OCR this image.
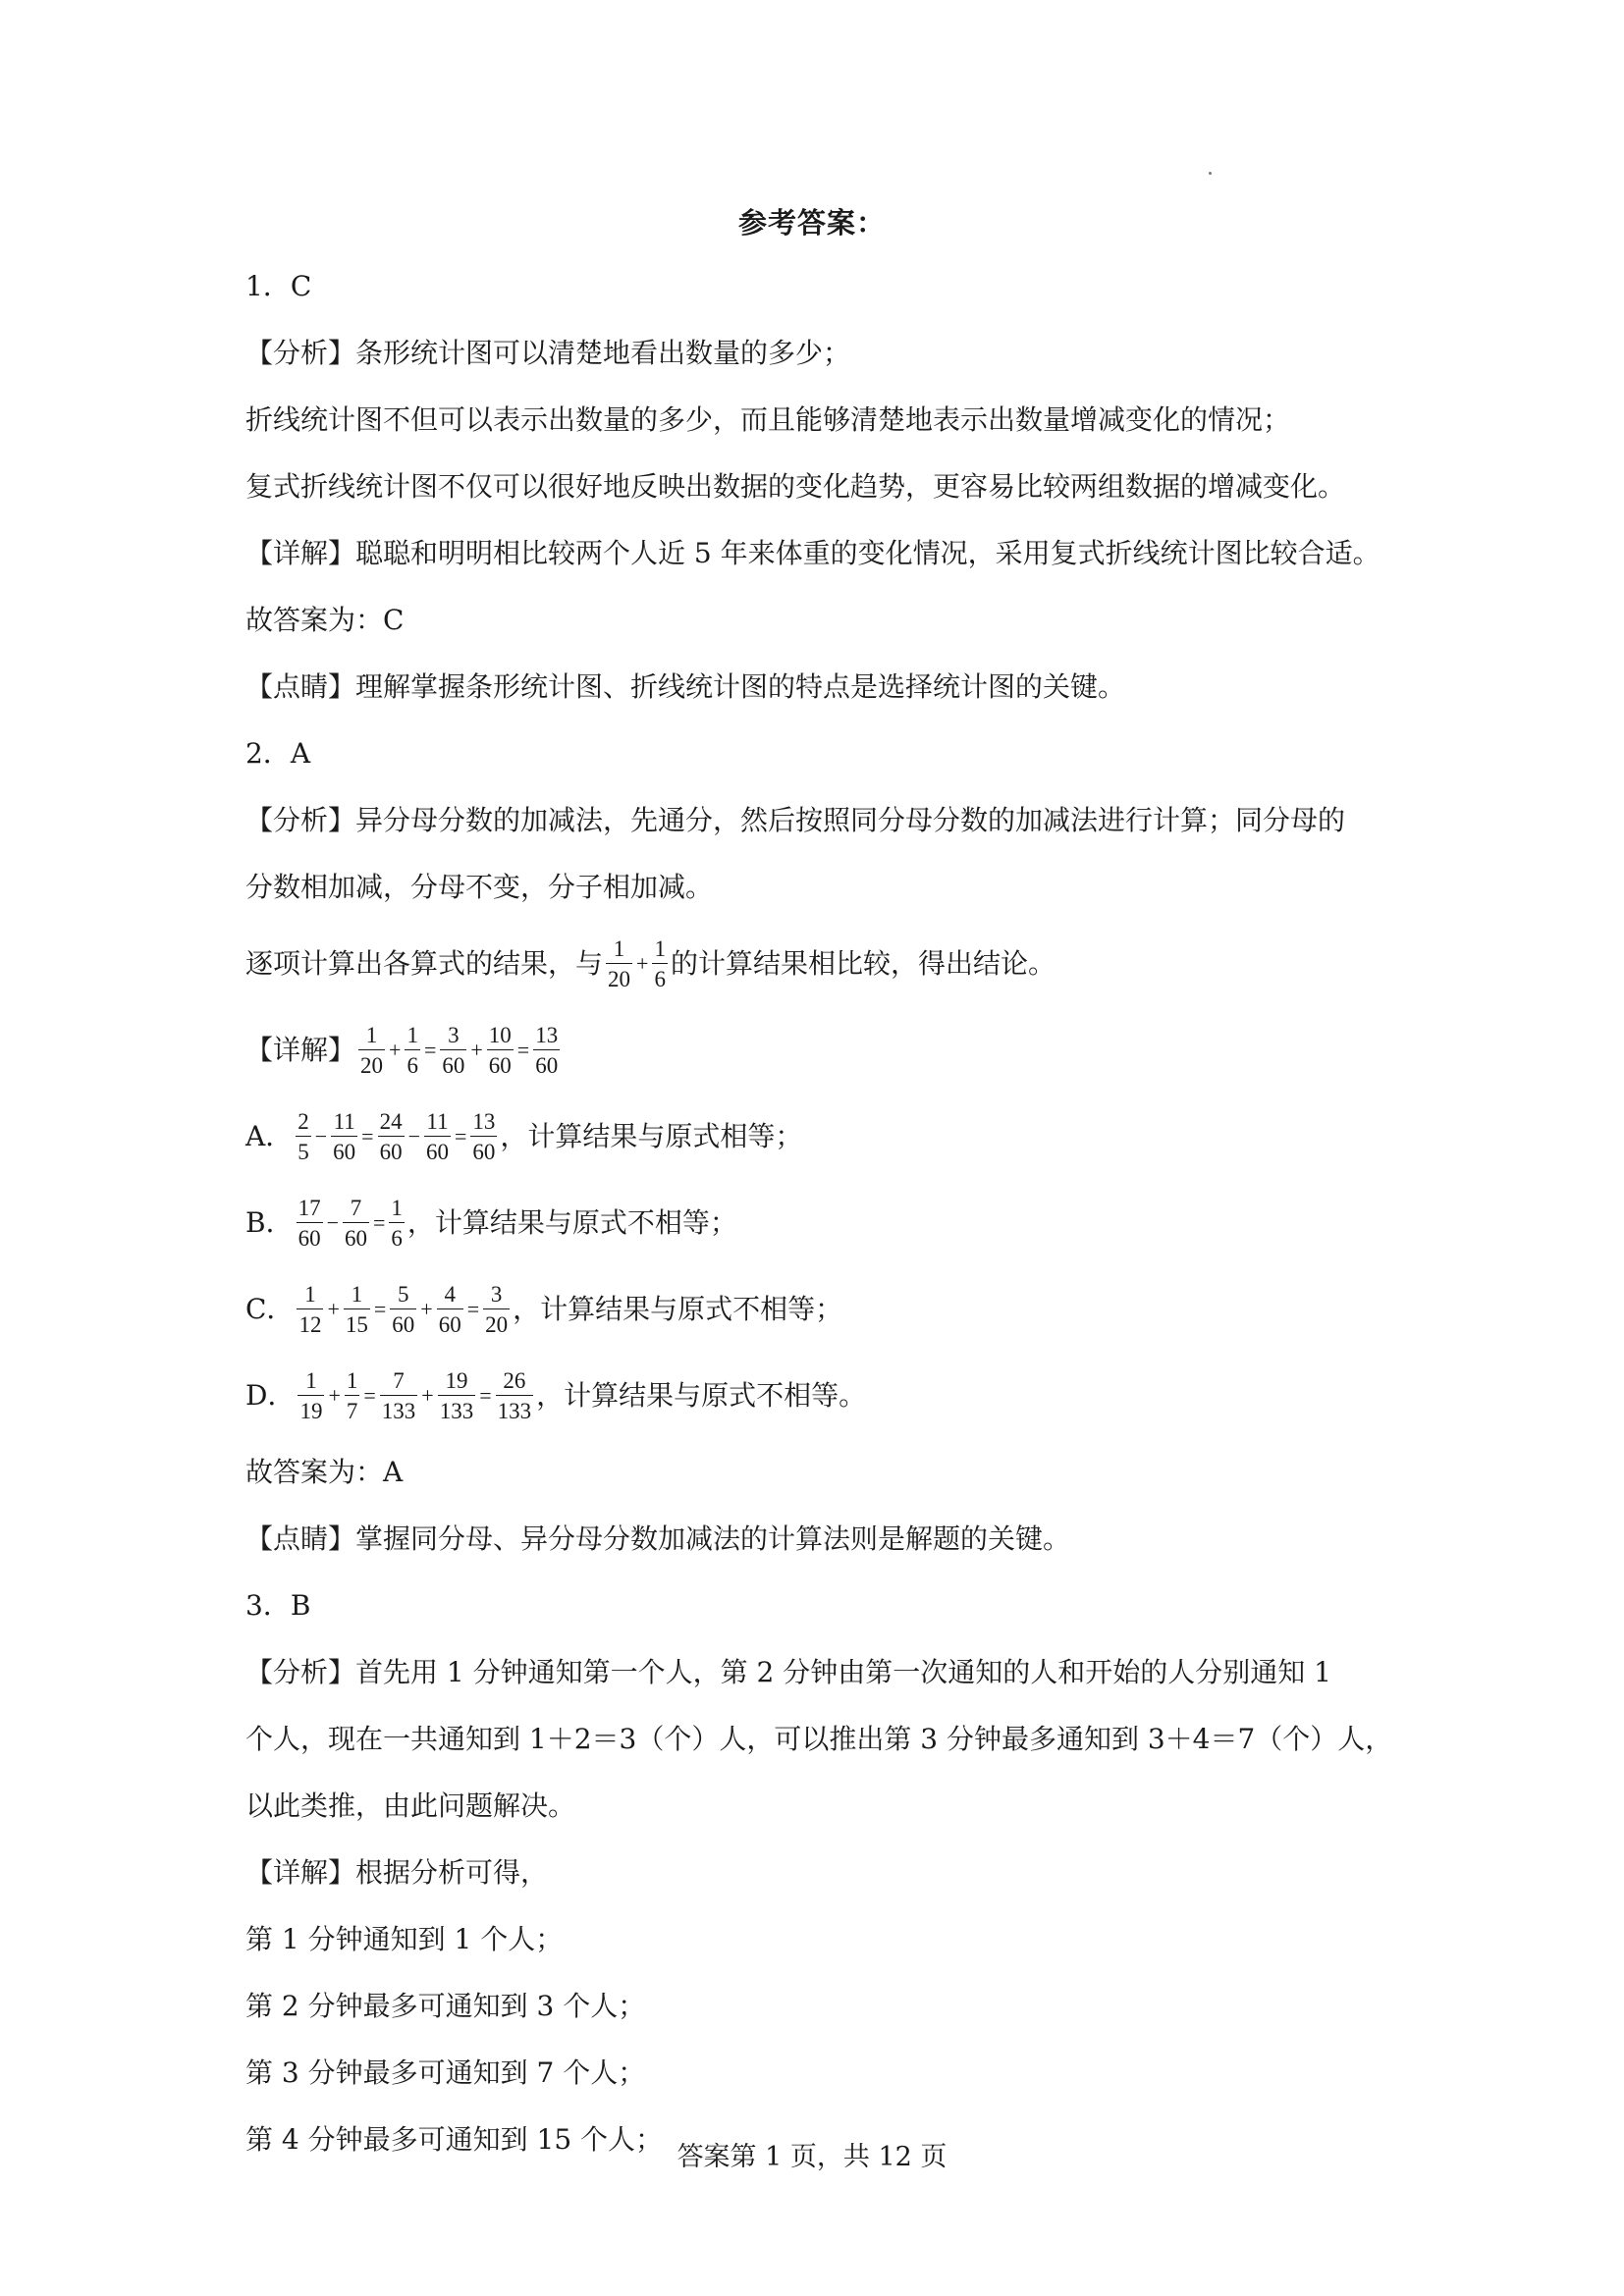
参考答案：
1．C
【分析】条形统计图可以清楚地看出数量的多少；
折线统计图不但可以表示出数量的多少，而且能够清楚地表示出数量增减变化的情况；
复式折线统计图不仅可以很好地反映出数据的变化趋势，更容易比较两组数据的增减变化。
【详解】聪聪和明明相比较两个人近 5 年来体重的变化情况，采用复式折线统计图比较合适。
故答案为：C
【点睛】理解掌握条形统计图、折线统计图的特点是选择统计图的关键。
2．A
【分析】异分母分数的加减法，先通分，然后按照同分母分数的加减法进行计算；同分母的
分数相加减，分母不变，分子相加减。
逐项计算出各算式的结果，与 $\frac{1}{20} + \frac{1}{6}$ 的计算结果相比较，得出结论。
【详解】 $\frac{1}{20} + \frac{1}{6} = \frac{3}{60} + \frac{10}{60} = \frac{13}{60}$
A． $\frac{2}{5} - \frac{11}{60} = \frac{24}{60} - \frac{11}{60} = \frac{13}{60}$ ，计算结果与原式相等；
B． $\frac{17}{60} - \frac{7}{60} = \frac{1}{6}$ ，计算结果与原式不相等；
C． $\frac{1}{12} + \frac{1}{15} = \frac{5}{60} + \frac{4}{60} = \frac{3}{20}$ ，计算结果与原式不相等；
D． $\frac{1}{19} + \frac{1}{7} = \frac{7}{133} + \frac{19}{133} = \frac{26}{133}$ ，计算结果与原式不相等。
故答案为：A
【点睛】掌握同分母、异分母分数加减法的计算法则是解题的关键。
3．B
【分析】首先用 1 分钟通知第一个人，第 2 分钟由第一次通知的人和开始的人分别通知 1
个人，现在一共通知到 1＋2＝3（个）人，可以推出第 3 分钟最多通知到 3＋4＝7（个）人，
以此类推，由此问题解决。
【详解】根据分析可得，
第 1 分钟通知到 1 个人；
第 2 分钟最多可通知到 3 个人；
第 3 分钟最多可通知到 7 个人；
第 4 分钟最多可通知到 15 个人；
答案第 1 页，共 12 页
